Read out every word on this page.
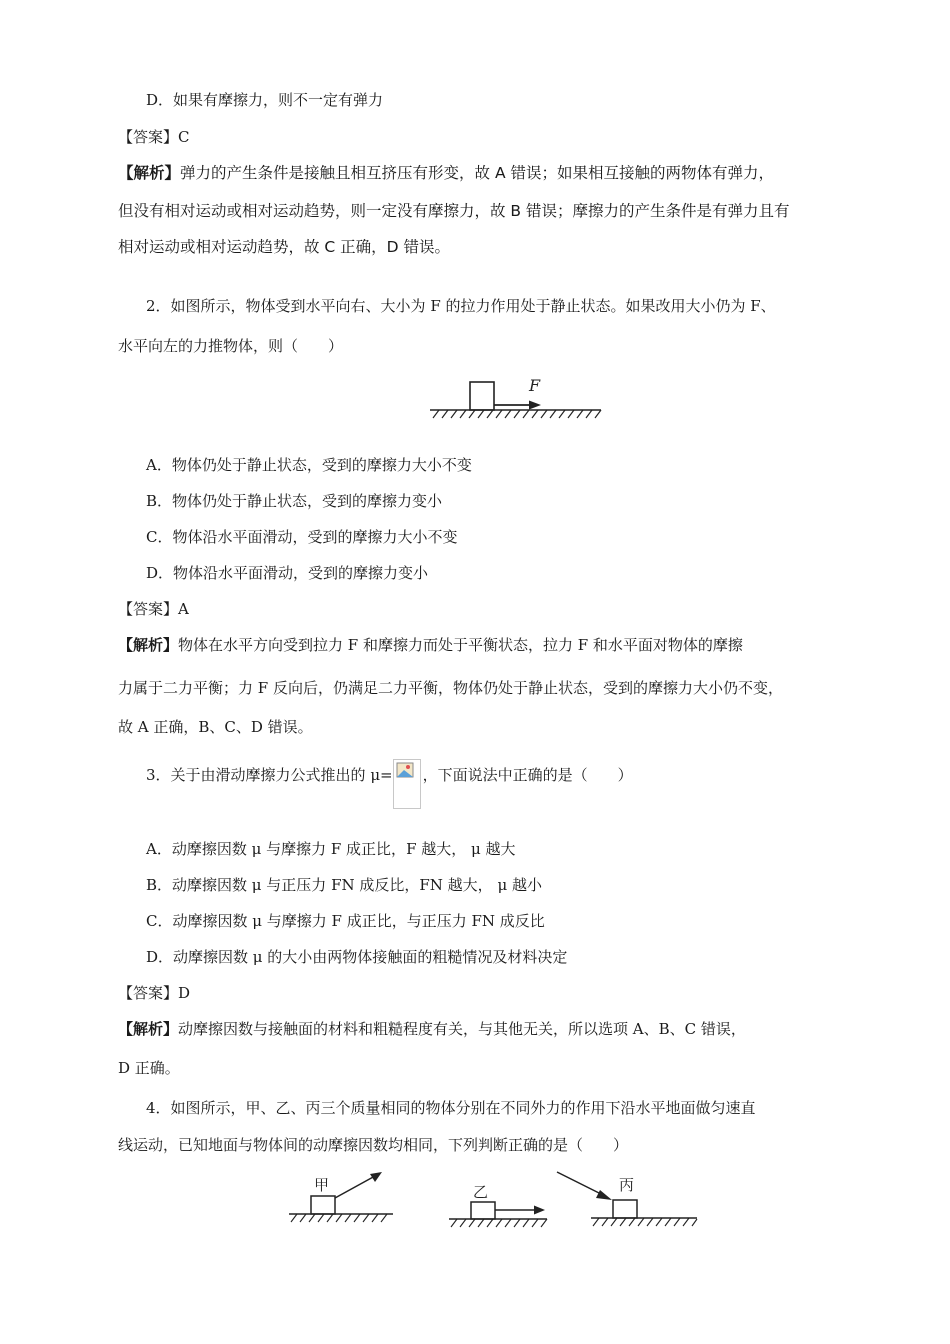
D．如果有摩擦力，则不一定有弹力
【答案】C
【解析】弹力的产生条件是接触且相互挤压有形变，故 A 错误；如果相互接触的两物体有弹力，
但没有相对运动或相对运动趋势，则一定没有摩擦力，故 B 错误；摩擦力的产生条件是有弹力且有
相对运动或相对运动趋势，故 C 正确，D 错误。
2．如图所示，物体受到水平向右、大小为 F 的拉力作用处于静止状态。如果改用大小仍为 F、
水平向左的力推物体，则（　　）
F
A．物体仍处于静止状态，受到的摩擦力大小不变
B．物体仍处于静止状态，受到的摩擦力变小
C．物体沿水平面滑动，受到的摩擦力大小不变
D．物体沿水平面滑动，受到的摩擦力变小
【答案】A
【解析】物体在水平方向受到拉力 F 和摩擦力而处于平衡状态，拉力 F 和水平面对物体的摩擦
力属于二力平衡；力 F 反向后，仍满足二力平衡，物体仍处于静止状态，受到的摩擦力大小仍不变，
故 A 正确，B、C、D 错误。
3．关于由滑动摩擦力公式推出的 μ= ，下面说法中正确的是（　　）
A．动摩擦因数 μ 与摩擦力 F 成正比，F 越大， μ 越大
B．动摩擦因数 μ 与正压力 FN 成反比，FN 越大， μ 越小
C．动摩擦因数 μ 与摩擦力 F 成正比，与正压力 FN 成反比
D．动摩擦因数 μ 的大小由两物体接触面的粗糙情况及材料决定
【答案】D
【解析】动摩擦因数与接触面的材料和粗糙程度有关，与其他无关，所以选项 A、B、C 错误，
D 正确。
4．如图所示，甲、乙、丙三个质量相同的物体分别在不同外力的作用下沿水平地面做匀速直
线运动，已知地面与物体间的动摩擦因数均相同，下列判断正确的是（　　）
甲	乙	丙
